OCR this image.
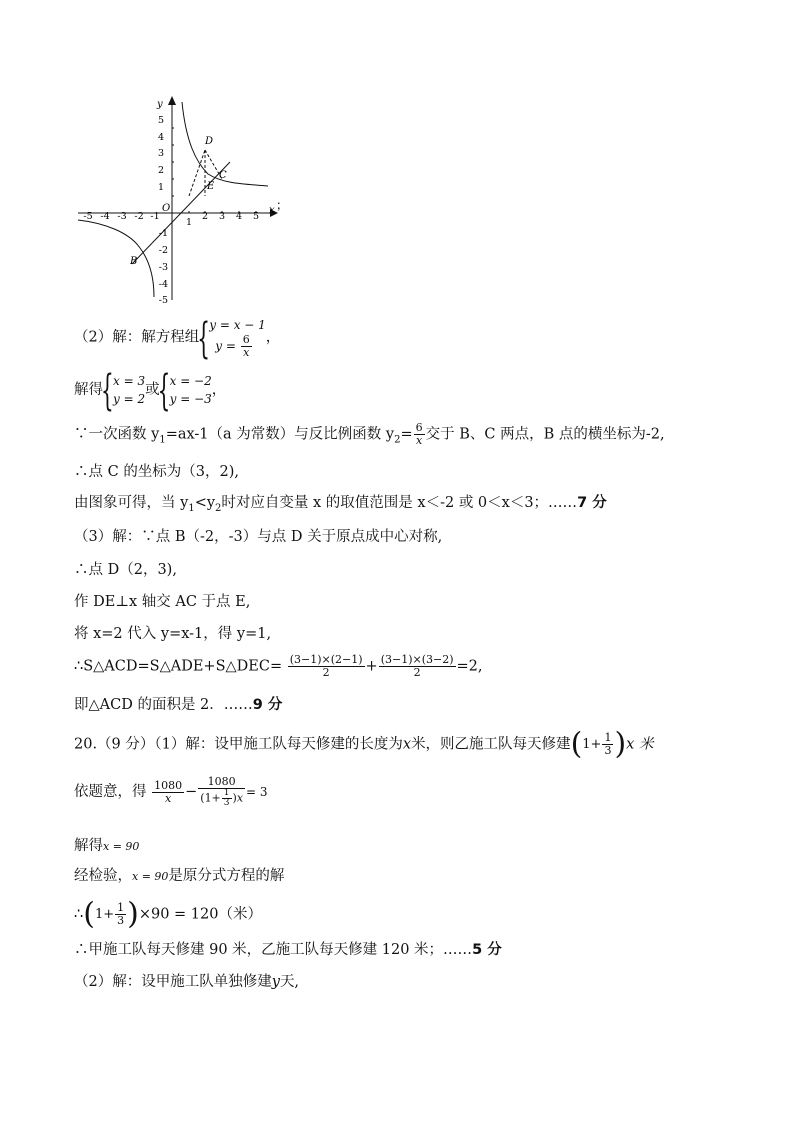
-5 -4 -3 -2 -1
1
2 3 4 5
5
4
3
2
1
-1
-2
-3
-4
-5
x
y
O
D
C
E
B
；
（2）解：解方程组
{ y = x − 1
$y = \frac{6}{x}$ ，
解得
{ x = 3
y = 2
或
{ x = −2
y = −3
，
∵一次函数 $y_1=ax-1(a$ 为常数）与反比例函数 $y_2= \frac{6}{x}$ 交于 B、C 两点，B 点的横坐标为-2,
∴点 C 的坐标为（3，2),
由图象可得，当 $y_1<y_2$时对应自变量 x 的取值范围是 x＜-2 或 0＜x＜3；……7 分
（3）解：∵点 B（-2，-3）与点 D 关于原点成中心对称,
∴点 D（2，3),
作 DE⊥x 轴交 AC 于点 E,
将 x=2 代入 y=x-1，得 y=1,
∴S△ACD=S△ADE+S△DEC= $\frac{(3-1)\times(2-1)}{2} + \frac{(3-1)\times(3-2)}{2} =2$,
即△ACD 的面积是 2．……9 分
20.（9 分）（1）解：设甲施工队每天修建的长度为x米，则乙施工队每天修建$(1+ \frac{1}{3} )x$ 米
依题意，得 $\frac{1080}{x} - \frac{1080}{(1+ \frac{1}{3} )x} = 3$
解得x = 90
经检验，x = 90是原分式方程的解
∴(1+ $\frac{1}{3} )\times 90 = 120$（米）
∴甲施工队每天修建 90 米，乙施工队每天修建 120 米；……5 分
（2）解：设甲施工队单独修建y天,
